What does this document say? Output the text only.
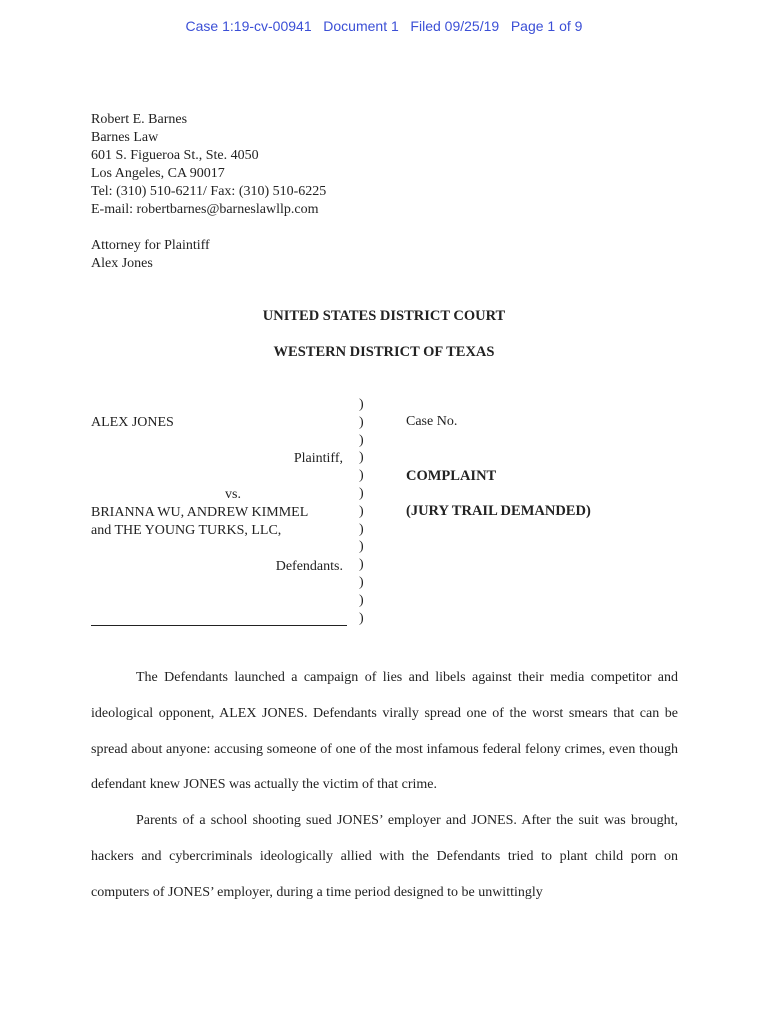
Case 1:19-cv-00941   Document 1   Filed 09/25/19   Page 1 of 9
Robert E. Barnes
Barnes Law
601 S. Figueroa St., Ste. 4050
Los Angeles, CA 90017
Tel: (310) 510-6211/ Fax: (310) 510-6225
E-mail: robertbarnes@barneslawllp.com
Attorney for Plaintiff
Alex Jones
UNITED STATES DISTRICT COURT
WESTERN DISTRICT OF TEXAS
ALEX JONES
Plaintiff,
vs.
BRIANNA WU, ANDREW KIMMEL
and THE YOUNG TURKS, LLC,
Defendants.
)
)
)
)
)
)
)
)
)
)
)
)
)
Case No.
COMPLAINT
(JURY TRAIL DEMANDED)

The Defendants launched a campaign of lies and libels against their media competitor and ideological opponent, ALEX JONES. Defendants virally spread one of the worst smears that can be spread about anyone: accusing someone of one of the most infamous federal felony crimes, even though defendant knew JONES was actually the victim of that crime.

Parents of a school shooting sued JONES’ employer and JONES. After the suit was brought, hackers and cybercriminals ideologically allied with the Defendants tried to plant child porn on computers of JONES’ employer, during a time period designed to be unwittingly
